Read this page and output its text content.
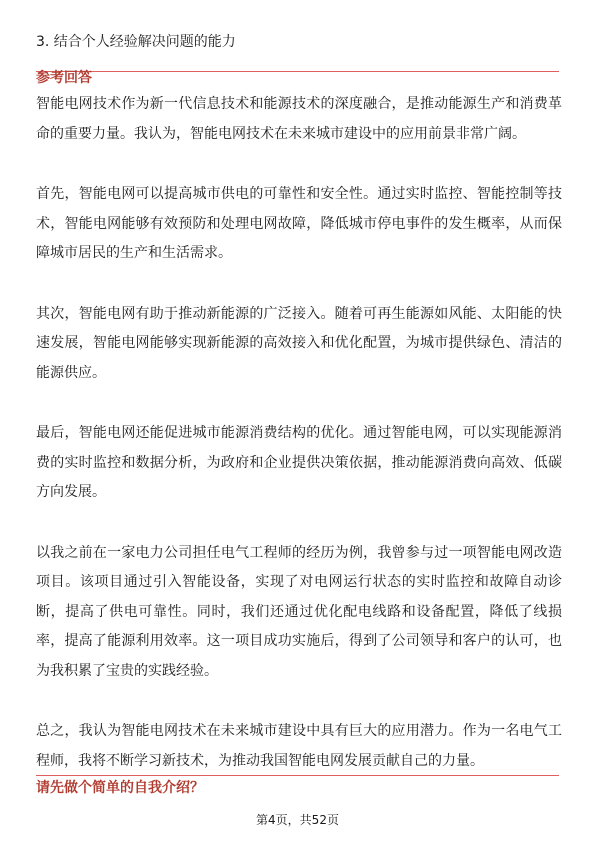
3. 结合个人经验解决问题的能力

参考回答

智能电网技术作为新一代信息技术和能源技术的深度融合，是推动能源生产和消费革命的重要力量。我认为，智能电网技术在未来城市建设中的应用前景非常广阔。

首先，智能电网可以提高城市供电的可靠性和安全性。通过实时监控、智能控制等技术，智能电网能够有效预防和处理电网故障，降低城市停电事件的发生概率，从而保障城市居民的生产和生活需求。

其次，智能电网有助于推动新能源的广泛接入。随着可再生能源如风能、太阳能的快速发展，智能电网能够实现新能源的高效接入和优化配置，为城市提供绿色、清洁的能源供应。

最后，智能电网还能促进城市能源消费结构的优化。通过智能电网，可以实现能源消费的实时监控和数据分析，为政府和企业提供决策依据，推动能源消费向高效、低碳方向发展。

以我之前在一家电力公司担任电气工程师的经历为例，我曾参与过一项智能电网改造项目。该项目通过引入智能设备，实现了对电网运行状态的实时监控和故障自动诊断，提高了供电可靠性。同时，我们还通过优化配电线路和设备配置，降低了线损率，提高了能源利用效率。这一项目成功实施后，得到了公司领导和客户的认可，也为我积累了宝贵的实践经验。

总之，我认为智能电网技术在未来城市建设中具有巨大的应用潜力。作为一名电气工程师，我将不断学习新技术，为推动我国智能电网发展贡献自己的力量。

请先做个简单的自我介绍？
第4页，共52页
